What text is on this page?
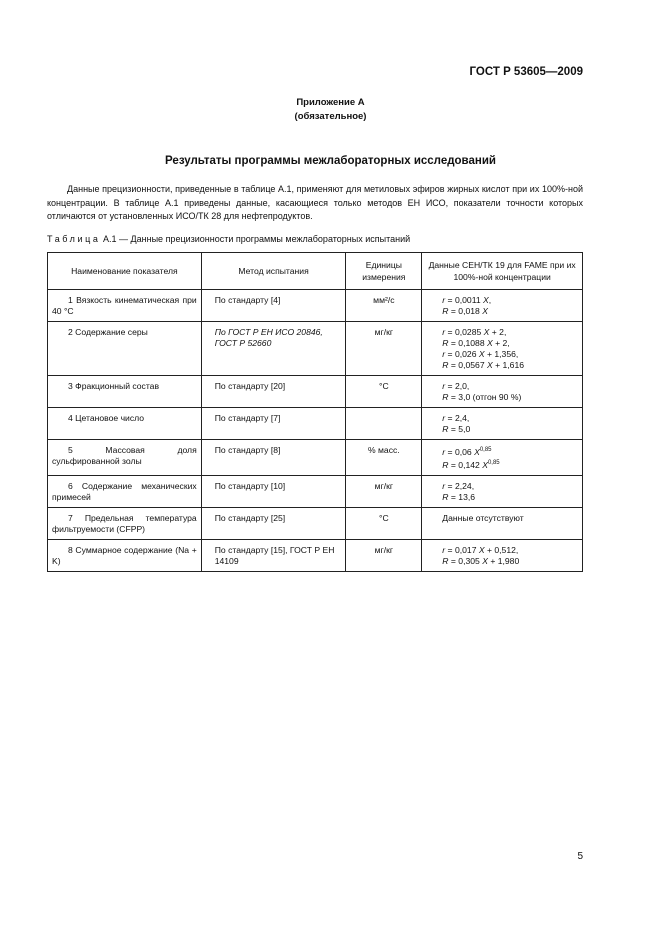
ГОСТ Р 53605—2009
Приложение А
(обязательное)
Результаты программы межлабораторных исследований
Данные прецизионности, приведенные в таблице А.1, применяют для метиловых эфиров жирных кислот при их 100%-ной концентрации. В таблице А.1 приведены данные, касающиеся только методов ЕН ИСО, показатели точности которых отличаются от установленных ИСО/ТК 28 для нефтепродуктов.
Таблица А.1 — Данные прецизионности программы межлабораторных испытаний
Наименование показателя	Метод испытания	Единицы измерения	Данные СЕН/ТК 19 для FAME при их 100%-ной концентрации
1 Вязкость кинематическая при 40 °С	По стандарту [4]	мм²/с	r = 0,0011 X,
R = 0,018 X

2 Содержание серы	По ГОСТ Р ЕН ИСО 20846, ГОСТ Р 52660	мг/кг	r = 0,0285 X + 2,
R = 0,1088 X + 2,
r = 0,026 X + 1,356,
R = 0,0567 X + 1,616

3 Фракционный состав	По стандарту [20]	°С	r = 2,0,
R = 3,0 (отгон 90 %)

4 Цетановое число	По стандарту [7]		r = 2,4,
R = 5,0

5 Массовая доля сульфированной золы	По стандарту [8]	% масс.	r = 0,06 X$^{0,85}$
R = 0,142 X$^{0,85}$

6 Содержание механических примесей	По стандарту [10]	мг/кг	r = 2,24,
R = 13,6

7 Предельная температура фильтруемости (CFPP)	По стандарту [25]	°С	Данные отсутствуют

8 Суммарное содержание (Na + K)	По стандарту [15], ГОСТ Р ЕН 14109	мг/кг	r = 0,017 X + 0,512,
R = 0,305 X + 1,980
5
